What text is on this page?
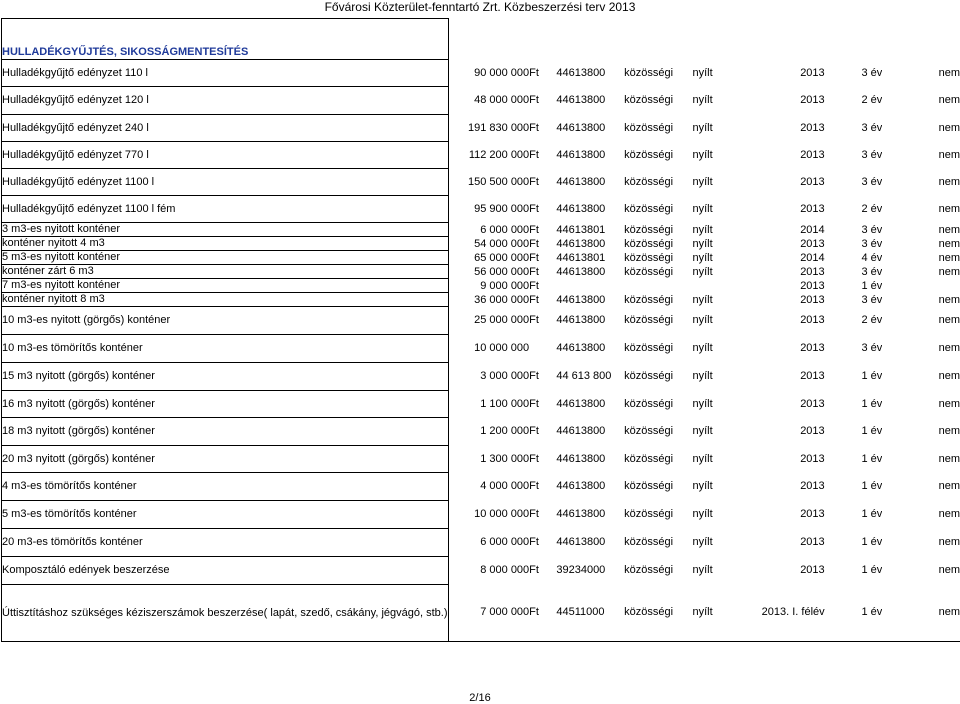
Fővárosi Közterület-fenntartó Zrt. Közbeszerzési terv 2013
HULLADÉKGYŰJTÉS, SIKOSSÁGMENTESÍTÉS								
Hulladékgyűjtő edényzet 110 l	90 000 000	Ft	44613800	közösségi	nyílt	2013	3 év	nem
Hulladékgyűjtő edényzet 120 l	48 000 000	Ft	44613800	közösségi	nyílt	2013	2 év	nem
Hulladékgyűjtő edényzet 240 l	191 830 000	Ft	44613800	közösségi	nyílt	2013	3 év	nem
Hulladékgyűjtő edényzet 770 l	112 200 000	Ft	44613800	közösségi	nyílt	2013	3 év	nem
Hulladékgyűjtő edényzet 1100 l	150 500 000	Ft	44613800	közösségi	nyílt	2013	3 év	nem
Hulladékgyűjtő edényzet 1100 l fém	95 900 000	Ft	44613800	közösségi	nyílt	2013	2 év	nem
3 m3-es nyitott konténer	6 000 000	Ft	44613801	közösségi	nyílt	2014	3 év	nem
konténer nyitott 4 m3	54 000 000	Ft	44613800	közösségi	nyílt	2013	3 év	nem
5 m3-es nyitott konténer	65 000 000	Ft	44613801	közösségi	nyílt	2014	4 év	nem
konténer zárt 6 m3	56 000 000	Ft	44613800	közösségi	nyílt	2013	3 év	nem
7 m3-es nyitott konténer	9 000 000	Ft				2013	1 év	
konténer nyitott 8 m3	36 000 000	Ft	44613800	közösségi	nyílt	2013	3 év	nem
10 m3-es nyitott (görgős) konténer	25 000 000	Ft	44613800	közösségi	nyílt	2013	2 év	nem
10 m3-es tömörítős konténer	10 000 000		44613800	közösségi	nyílt	2013	3 év	nem
15 m3 nyitott (görgős) konténer	3 000 000	Ft	44 613 800	közösségi	nyílt	2013	1 év	nem
16 m3 nyitott (görgős) konténer	1 100 000	Ft	44613800	közösségi	nyílt	2013	1 év	nem
18 m3 nyitott (görgős) konténer	1 200 000	Ft	44613800	közösségi	nyílt	2013	1 év	nem
20 m3 nyitott (görgős) konténer	1 300 000	Ft	44613800	közösségi	nyílt	2013	1 év	nem
4 m3-es tömörítős konténer	4 000 000	Ft	44613800	közösségi	nyílt	2013	1 év	nem
5 m3-es tömörítős konténer	10 000 000	Ft	44613800	közösségi	nyílt	2013	1 év	nem
20 m3-es tömörítős konténer	6 000 000	Ft	44613800	közösségi	nyílt	2013	1 év	nem
Komposztáló edények beszerzése	8 000 000	Ft	39234000	közösségi	nyílt	2013	1 év	nem
Úttisztításhoz szükséges kéziszerszámok beszerzése( lapát, szedő, csákány, jégvágó, stb.)	7 000 000	Ft	44511000	közösségi	nyílt	2013. I. félév	1 év	nem
2/16
